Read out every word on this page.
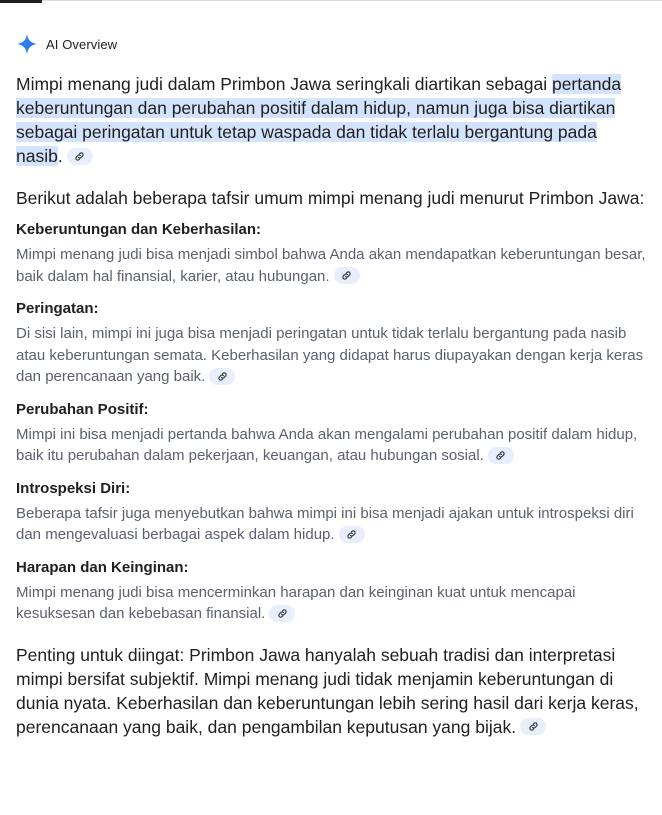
AI Overview

Mimpi menang judi dalam Primbon Jawa seringkali diartikan sebagai pertanda keberuntungan dan perubahan positif dalam hidup, namun juga bisa diartikan sebagai peringatan untuk tetap waspada dan tidak terlalu bergantung pada nasib.

Berikut adalah beberapa tafsir umum mimpi menang judi menurut Primbon Jawa:

Keberuntungan dan Keberhasilan:

Mimpi menang judi bisa menjadi simbol bahwa Anda akan mendapatkan keberuntungan besar, baik dalam hal finansial, karier, atau hubungan.

Peringatan:

Di sisi lain, mimpi ini juga bisa menjadi peringatan untuk tidak terlalu bergantung pada nasib atau keberuntungan semata. Keberhasilan yang didapat harus diupayakan dengan kerja keras dan perencanaan yang baik.

Perubahan Positif:

Mimpi ini bisa menjadi pertanda bahwa Anda akan mengalami perubahan positif dalam hidup, baik itu perubahan dalam pekerjaan, keuangan, atau hubungan sosial.

Introspeksi Diri:

Beberapa tafsir juga menyebutkan bahwa mimpi ini bisa menjadi ajakan untuk introspeksi diri dan mengevaluasi berbagai aspek dalam hidup.

Harapan dan Keinginan:

Mimpi menang judi bisa mencerminkan harapan dan keinginan kuat untuk mencapai kesuksesan dan kebebasan finansial.

Penting untuk diingat: Primbon Jawa hanyalah sebuah tradisi dan interpretasi mimpi bersifat subjektif. Mimpi menang judi tidak menjamin keberuntungan di dunia nyata. Keberhasilan dan keberuntungan lebih sering hasil dari kerja keras, perencanaan yang baik, dan pengambilan keputusan yang bijak.
